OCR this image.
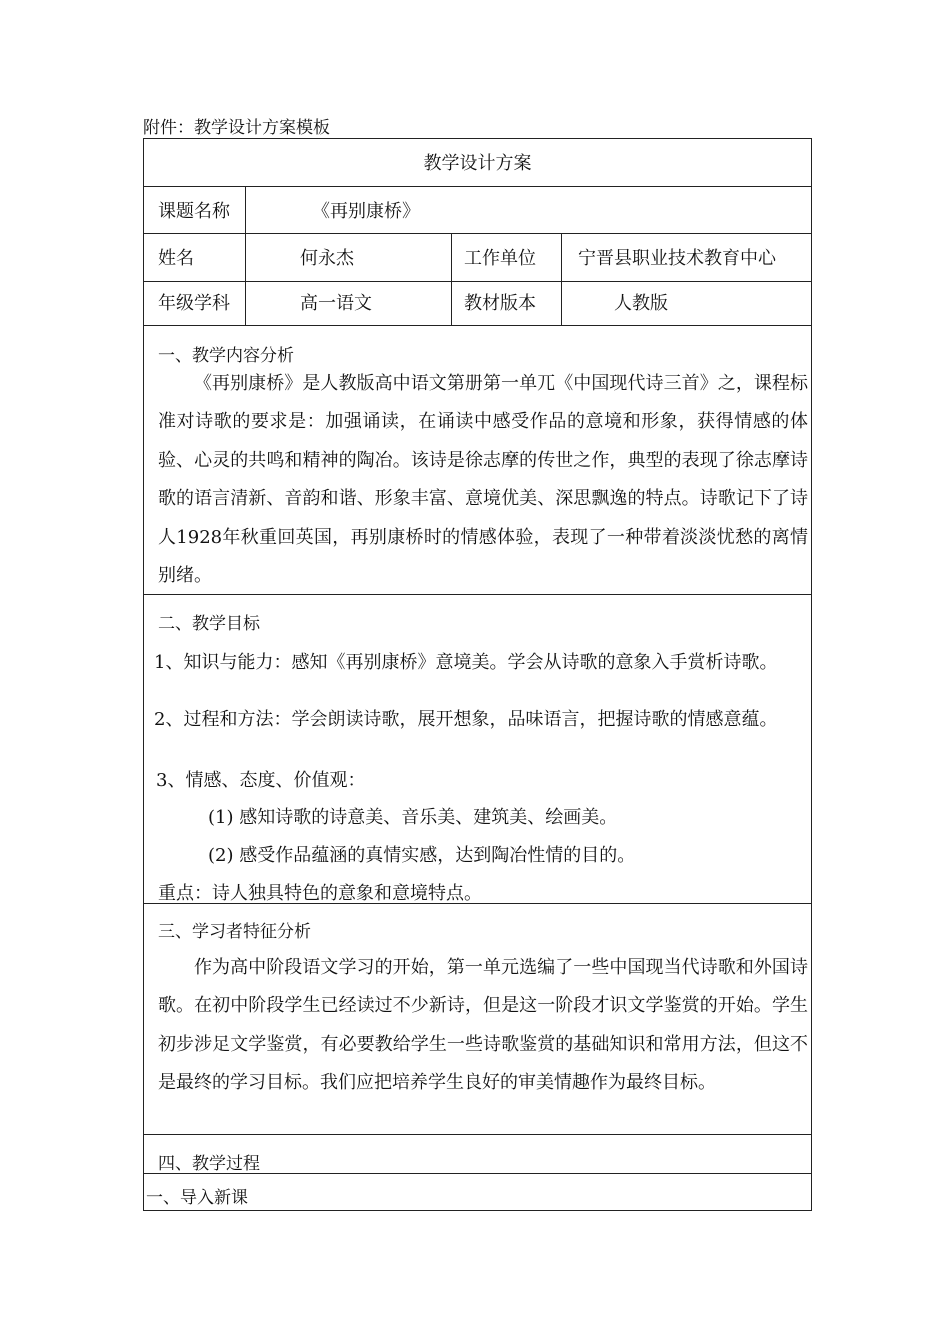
附件：教学设计方案模板
教学设计方案
课题名称	《再别康桥》
姓名	何永杰	工作单位 宁晋县职业技术教育中心
年级学科	高一语文	教材版本	人教版
一、教学内容分析
《再别康桥》是人教版高中语文第册第一单兀《中国现代诗三首》之，课程标准对诗歌的要求是：加强诵读，在诵读中感受作品的意境和形象，获得情感的体验、心灵的共鸣和精神的陶冶。该诗是徐志摩的传世之作，典型的表现了徐志摩诗歌的语言清新、音韵和谐、形象丰富、意境优美、深思飘逸的特点。诗歌记下了诗人1928年秋重回英国，再别康桥时的情感体验，表现了一种带着淡淡忧愁的离情别绪。
二、教学目标
1、知识与能力：感知《再别康桥》意境美。学会从诗歌的意象入手赏析诗歌。
2、过程和方法：学会朗读诗歌，展开想象，品味语言，把握诗歌的情感意蕴。
3、情感、态度、价值观：
(1) 感知诗歌的诗意美、音乐美、建筑美、绘画美。
(2) 感受作品蕴涵的真情实感，达到陶冶性情的目的。
重点：诗人独具特色的意象和意境特点。
三、学习者特征分析
作为高中阶段语文学习的开始，第一单元选编了一些中国现当代诗歌和外国诗歌。在初中阶段学生已经读过不少新诗，但是这一阶段才识文学鉴赏的开始。学生初步涉足文学鉴赏，有必要教给学生一些诗歌鉴赏的基础知识和常用方法，但这不是最终的学习目标。我们应把培养学生良好的审美情趣作为最终目标。
四、教学过程
一、导入新课
